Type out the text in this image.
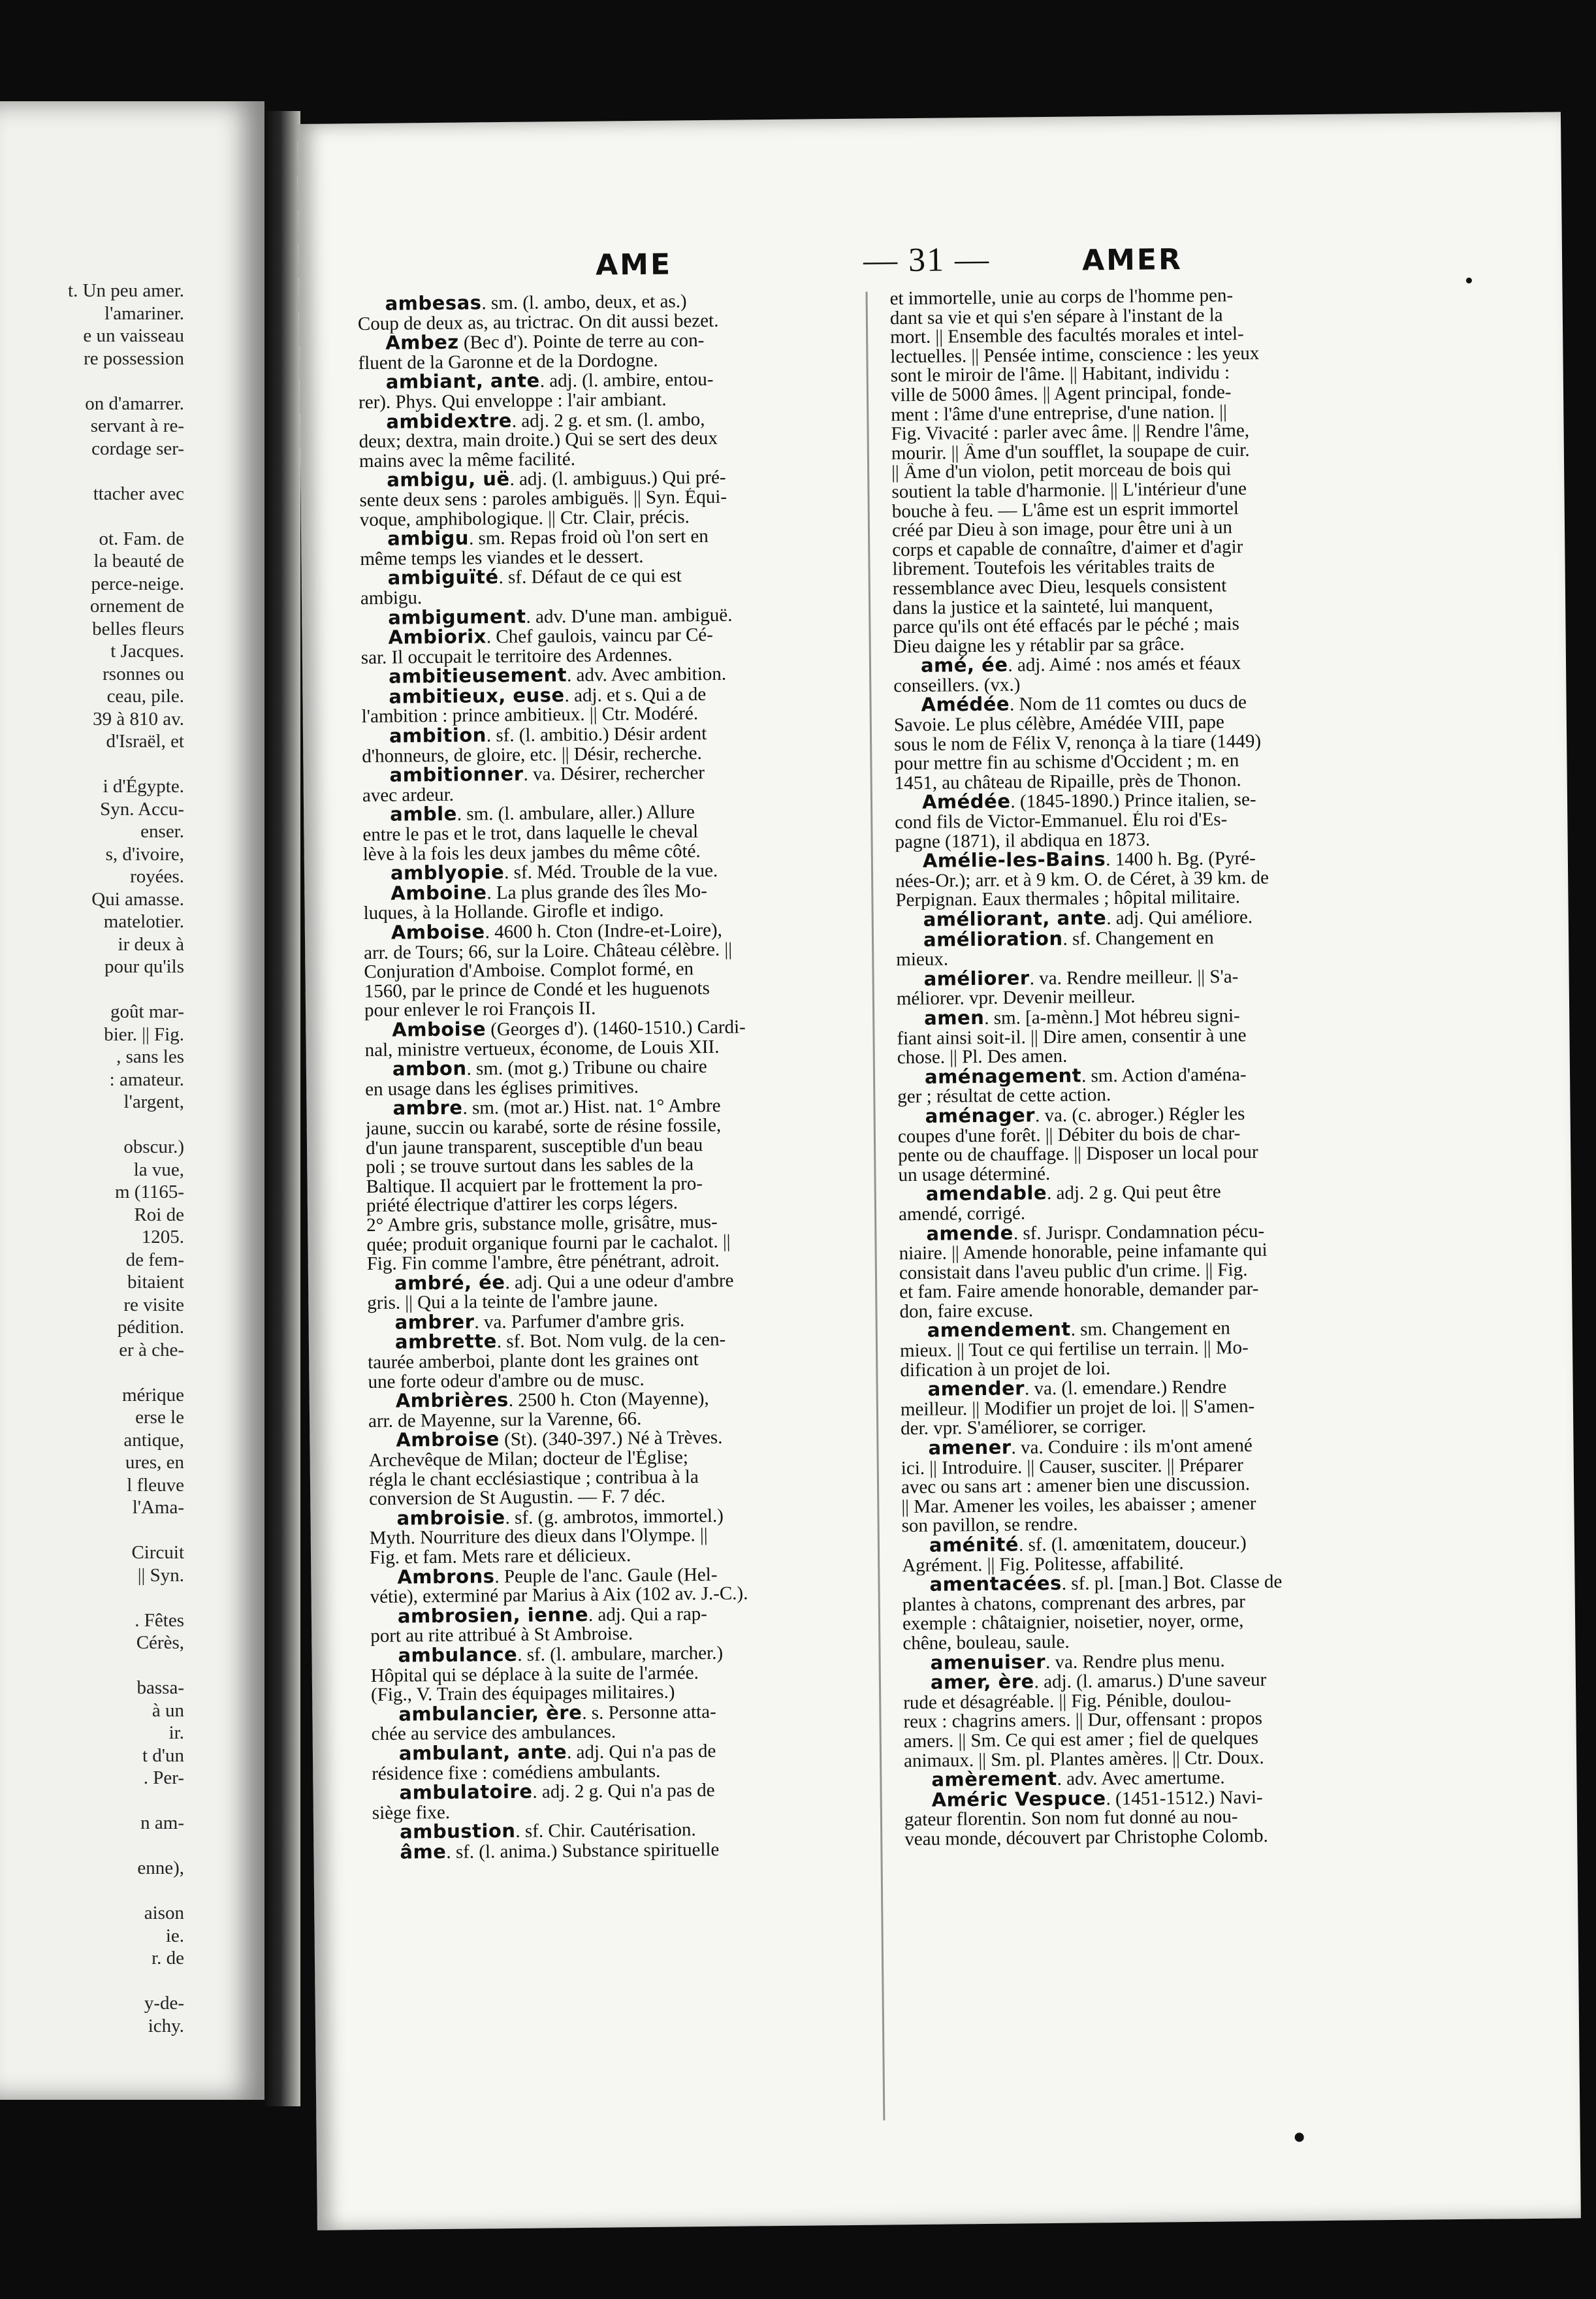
t. Un peu amer.
l'amariner.
e un vaisseau
re possession
on d'amarrer.
servant à re-
cordage ser-
ttacher avec
ot. Fam. de
la beauté de
perce-neige.
ornement de
belles fleurs
t Jacques.
rsonnes ou
ceau, pile.
39 à 810 av.
d'Israël, et
i d'Égypte.
Syn. Accu-
enser.
s, d'ivoire,
royées.
Qui amasse.
matelotier.
ir deux à
pour qu'ils
goût mar-
bier. || Fig.
, sans les
: amateur.
l'argent,
obscur.)
la vue,
m (1165-
Roi de
1205.
de fem-
bitaient
re visite
pédition.
er à che-
mérique
erse le
antique,
ures, en
l fleuve
l'Ama-
Circuit
|| Syn.
. Fêtes
Cérès,
bassa-
à un
ir.
t d'un
. Per-
n am-
enne),
aison
ie.
r. de
y-de-
ichy.
AME	— 31 —	AMER
ambesas. sm. (l. ambo, deux, et as.)
Coup de deux as, au trictrac. On dit aussi bezet.
Ambez (Bec d'). Pointe de terre au con-
fluent de la Garonne et de la Dordogne.
ambiant, ante. adj. (l. ambire, entou-
rer). Phys. Qui enveloppe : l'air ambiant.
ambidextre. adj. 2 g. et sm. (l. ambo,
deux; dextra, main droite.) Qui se sert des deux
mains avec la même facilité.
ambigu, uë. adj. (l. ambiguus.) Qui pré-
sente deux sens : paroles ambiguës. || Syn. Équi-
voque, amphibologique. || Ctr. Clair, précis.
ambigu. sm. Repas froid où l'on sert en
même temps les viandes et le dessert.
ambiguïté. sf. Défaut de ce qui est
ambigu.
ambigument. adv. D'une man. ambiguë.
Ambiorix. Chef gaulois, vaincu par Cé-
sar. Il occupait le territoire des Ardennes.
ambitieusement. adv. Avec ambition.
ambitieux, euse. adj. et s. Qui a de
l'ambition : prince ambitieux. || Ctr. Modéré.
ambition. sf. (l. ambitio.) Désir ardent
d'honneurs, de gloire, etc. || Désir, recherche.
ambitionner. va. Désirer, rechercher
avec ardeur.
amble. sm. (l. ambulare, aller.) Allure
entre le pas et le trot, dans laquelle le cheval
lève à la fois les deux jambes du même côté.
amblyopie. sf. Méd. Trouble de la vue.
Amboine. La plus grande des îles Mo-
luques, à la Hollande. Girofle et indigo.
Amboise. 4600 h. Cton (Indre-et-Loire),
arr. de Tours; 66, sur la Loire. Château célèbre. ||
Conjuration d'Amboise. Complot formé, en
1560, par le prince de Condé et les huguenots
pour enlever le roi François II.
Amboise (Georges d'). (1460-1510.) Cardi-
nal, ministre vertueux, économe, de Louis XII.
ambon. sm. (mot g.) Tribune ou chaire
en usage dans les églises primitives.
ambre. sm. (mot ar.) Hist. nat. 1° Ambre
jaune, succin ou karabé, sorte de résine fossile,
d'un jaune transparent, susceptible d'un beau
poli ; se trouve surtout dans les sables de la
Baltique. Il acquiert par le frottement la pro-
priété électrique d'attirer les corps légers.
2° Ambre gris, substance molle, grisâtre, mus-
quée; produit organique fourni par le cachalot. ||
Fig. Fin comme l'ambre, être pénétrant, adroit.
ambré, ée. adj. Qui a une odeur d'ambre
gris. || Qui a la teinte de l'ambre jaune.
ambrer. va. Parfumer d'ambre gris.
ambrette. sf. Bot. Nom vulg. de la cen-
taurée amberboi, plante dont les graines ont
une forte odeur d'ambre ou de musc.
Ambrières. 2500 h. Cton (Mayenne),
arr. de Mayenne, sur la Varenne, 66.
Ambroise (St). (340-397.) Né à Trèves.
Archevêque de Milan; docteur de l'Église;
régla le chant ecclésiastique ; contribua à la
conversion de St Augustin. — F. 7 déc.
ambroisie. sf. (g. ambrotos, immortel.)
Myth. Nourriture des dieux dans l'Olympe. ||
Fig. et fam. Mets rare et délicieux.
Ambrons. Peuple de l'anc. Gaule (Hel-
vétie), exterminé par Marius à Aix (102 av. J.-C.).
ambrosien, ienne. adj. Qui a rap-
port au rite attribué à St Ambroise.
ambulance. sf. (l. ambulare, marcher.)
Hôpital qui se déplace à la suite de l'armée.
(Fig., V. Train des équipages militaires.)
ambulancier, ère. s. Personne atta-
chée au service des ambulances.
ambulant, ante. adj. Qui n'a pas de
résidence fixe : comédiens ambulants.
ambulatoire. adj. 2 g. Qui n'a pas de
siège fixe.
ambustion. sf. Chir. Cautérisation.
âme. sf. (l. anima.) Substance spirituelle
et immortelle, unie au corps de l'homme pen-
dant sa vie et qui s'en sépare à l'instant de la
mort. || Ensemble des facultés morales et intel-
lectuelles. || Pensée intime, conscience : les yeux
sont le miroir de l'âme. || Habitant, individu :
ville de 5000 âmes. || Agent principal, fonde-
ment : l'âme d'une entreprise, d'une nation. ||
Fig. Vivacité : parler avec âme. || Rendre l'âme,
mourir. || Âme d'un soufflet, la soupape de cuir.
|| Âme d'un violon, petit morceau de bois qui
soutient la table d'harmonie. || L'intérieur d'une
bouche à feu. — L'âme est un esprit immortel
créé par Dieu à son image, pour être uni à un
corps et capable de connaître, d'aimer et d'agir
librement. Toutefois les véritables traits de
ressemblance avec Dieu, lesquels consistent
dans la justice et la sainteté, lui manquent,
parce qu'ils ont été effacés par le péché ; mais
Dieu daigne les y rétablir par sa grâce.
amé, ée. adj. Aimé : nos amés et féaux
conseillers. (vx.)
Amédée. Nom de 11 comtes ou ducs de
Savoie. Le plus célèbre, Amédée VIII, pape
sous le nom de Félix V, renonça à la tiare (1449)
pour mettre fin au schisme d'Occident ; m. en
1451, au château de Ripaille, près de Thonon.
Amédée. (1845-1890.) Prince italien, se-
cond fils de Victor-Emmanuel. Élu roi d'Es-
pagne (1871), il abdiqua en 1873.
Amélie-les-Bains. 1400 h. Bg. (Pyré-
nées-Or.); arr. et à 9 km. O. de Céret, à 39 km. de
Perpignan. Eaux thermales ; hôpital militaire.
améliorant, ante. adj. Qui améliore.
amélioration. sf. Changement en
mieux.
améliorer. va. Rendre meilleur. || S'a-
méliorer. vpr. Devenir meilleur.
amen. sm. [a-mènn.] Mot hébreu signi-
fiant ainsi soit-il. || Dire amen, consentir à une
chose. || Pl. Des amen.
aménagement. sm. Action d'aména-
ger ; résultat de cette action.
aménager. va. (c. abroger.) Régler les
coupes d'une forêt. || Débiter du bois de char-
pente ou de chauffage. || Disposer un local pour
un usage déterminé.
amendable. adj. 2 g. Qui peut être
amendé, corrigé.
amende. sf. Jurispr. Condamnation pécu-
niaire. || Amende honorable, peine infamante qui
consistait dans l'aveu public d'un crime. || Fig.
et fam. Faire amende honorable, demander par-
don, faire excuse.
amendement. sm. Changement en
mieux. || Tout ce qui fertilise un terrain. || Mo-
dification à un projet de loi.
amender. va. (l. emendare.) Rendre
meilleur. || Modifier un projet de loi. || S'amen-
der. vpr. S'améliorer, se corriger.
amener. va. Conduire : ils m'ont amené
ici. || Introduire. || Causer, susciter. || Préparer
avec ou sans art : amener bien une discussion.
|| Mar. Amener les voiles, les abaisser ; amener
son pavillon, se rendre.
aménité. sf. (l. amœnitatem, douceur.)
Agrément. || Fig. Politesse, affabilité.
amentacées. sf. pl. [man.] Bot. Classe de
plantes à chatons, comprenant des arbres, par
exemple : châtaignier, noisetier, noyer, orme,
chêne, bouleau, saule.
amenuiser. va. Rendre plus menu.
amer, ère. adj. (l. amarus.) D'une saveur
rude et désagréable. || Fig. Pénible, doulou-
reux : chagrins amers. || Dur, offensant : propos
amers. || Sm. Ce qui est amer ; fiel de quelques
animaux. || Sm. pl. Plantes amères. || Ctr. Doux.
amèrement. adv. Avec amertume.
Améric Vespuce. (1451-1512.) Navi-
gateur florentin. Son nom fut donné au nou-
veau monde, découvert par Christophe Colomb.
